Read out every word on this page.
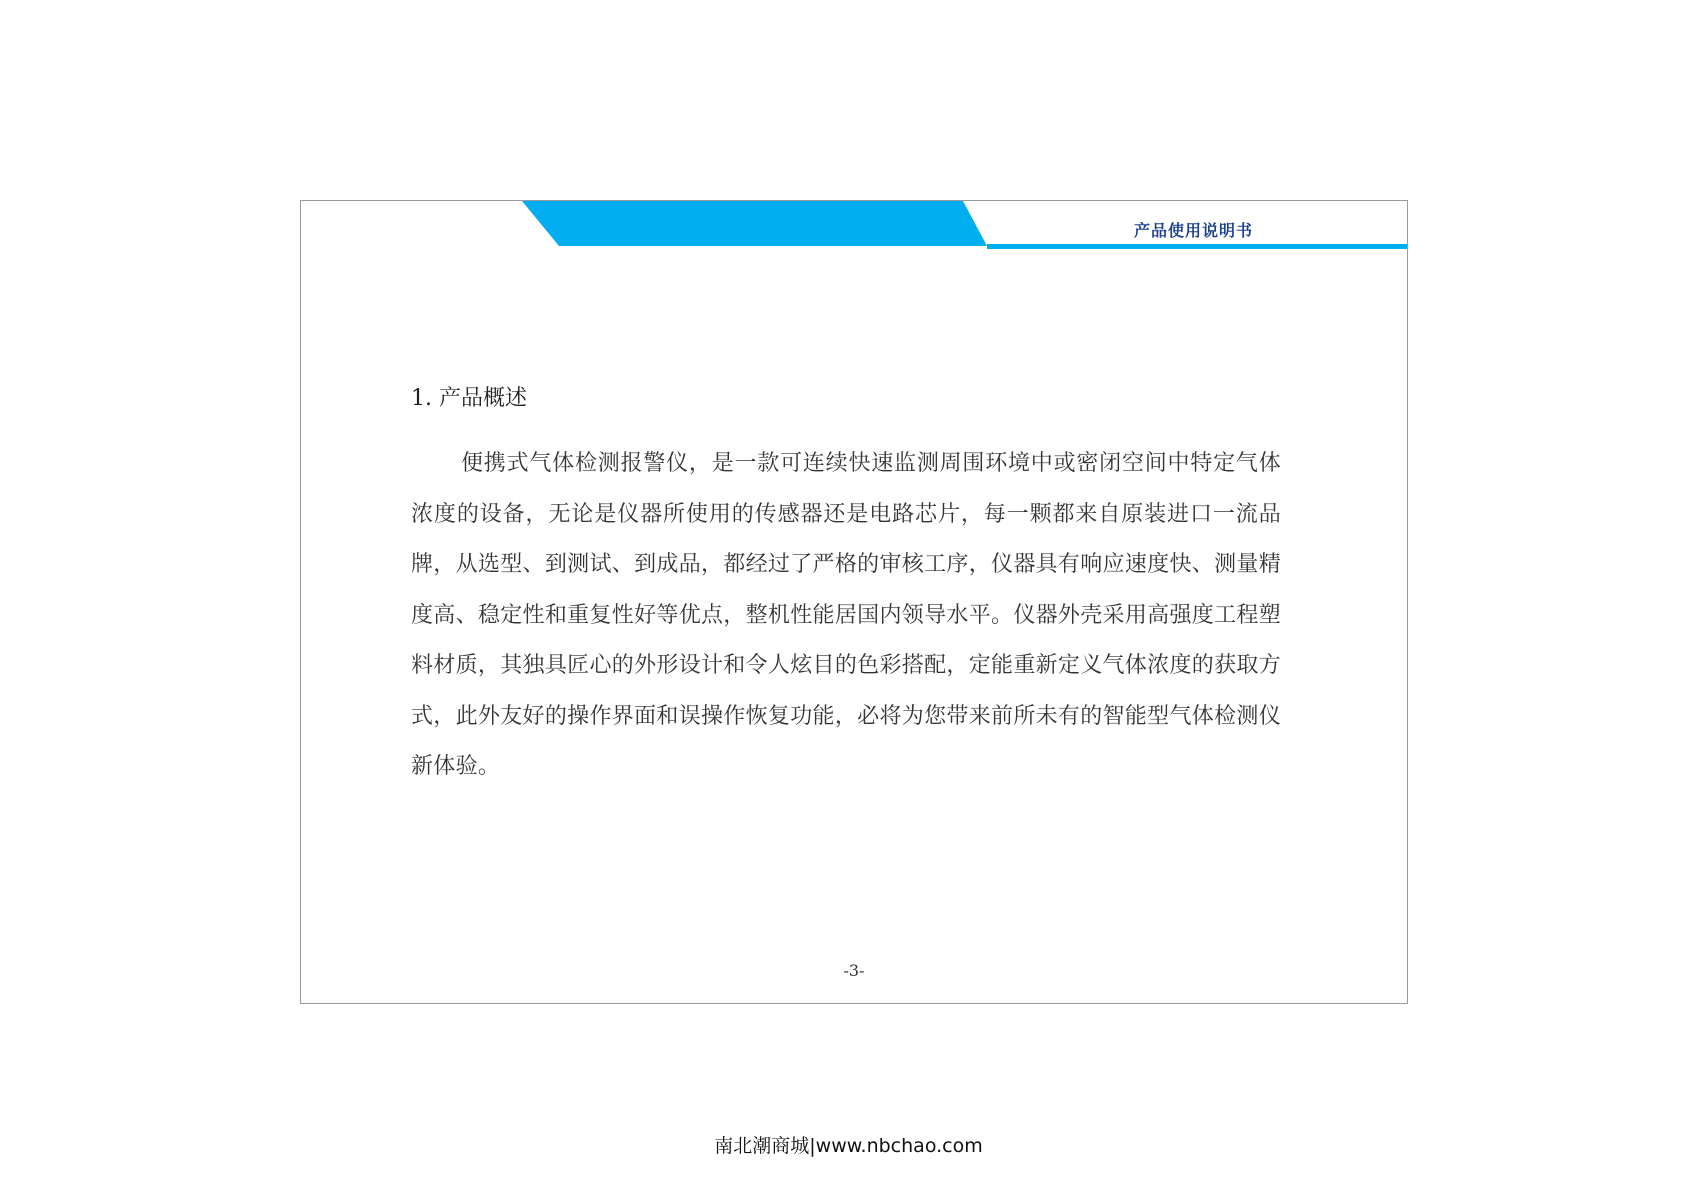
产品使用说明书
1. 产品概述

便携式气体检测报警仪，是一款可连续快速监测周围环境中或密闭空间中特定气体浓度的设备，无论是仪器所使用的传感器还是电路芯片，每一颗都来自原装进口一流品牌，从选型、到测试、到成品，都经过了严格的审核工序，仪器具有响应速度快、测量精度高、稳定性和重复性好等优点，整机性能居国内领导水平。仪器外壳采用高强度工程塑料材质，其独具匠心的外形设计和令人炫目的色彩搭配，定能重新定义气体浓度的获取方式，此外友好的操作界面和误操作恢复功能，必将为您带来前所未有的智能型气体检测仪新体验。

-3-
南北潮商城|www.nbchao.com
